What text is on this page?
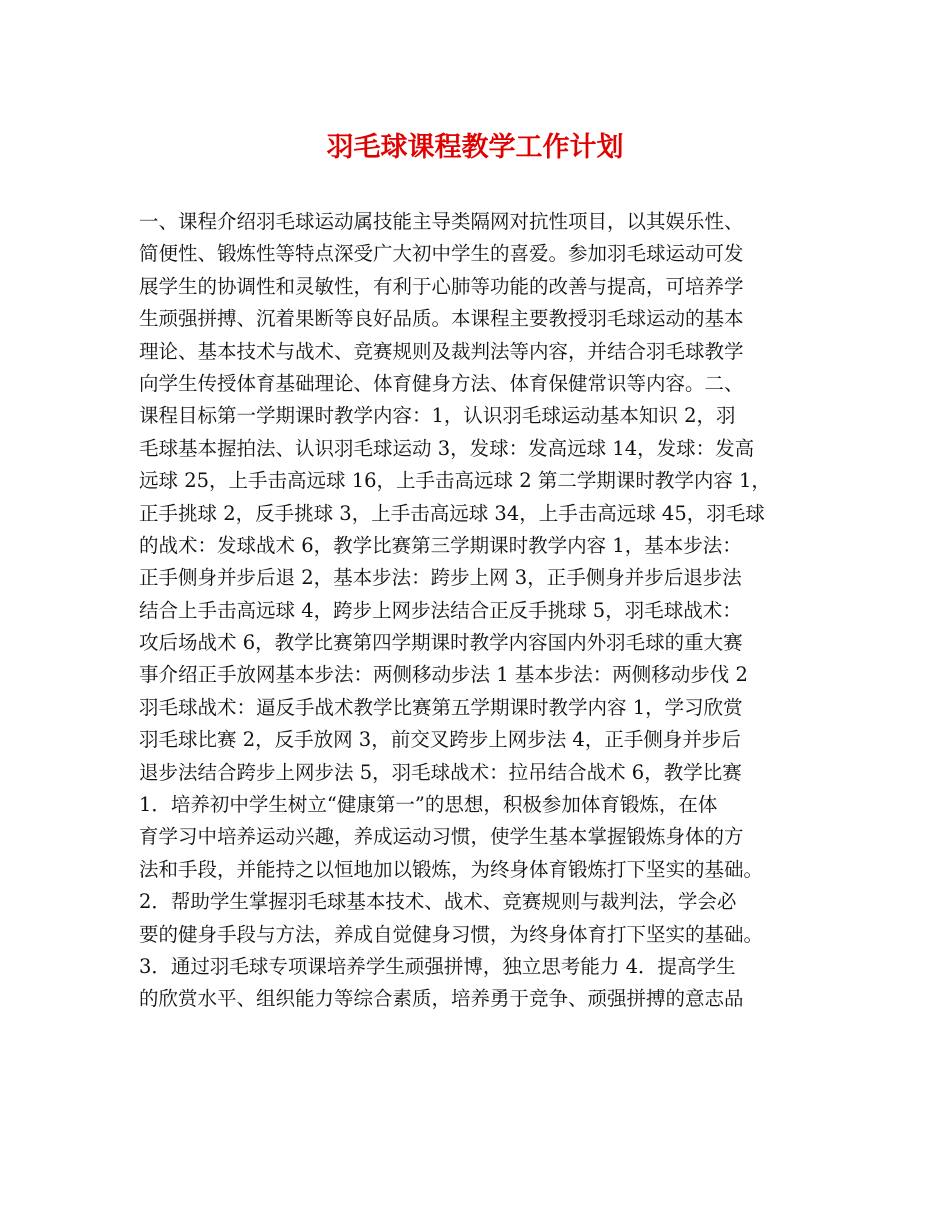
羽毛球课程教学工作计划
一、课程介绍羽毛球运动属技能主导类隔网对抗性项目，以其娱乐性、
简便性、锻炼性等特点深受广大初中学生的喜爱。参加羽毛球运动可发
展学生的协调性和灵敏性，有利于心肺等功能的改善与提高，可培养学
生顽强拼搏、沉着果断等良好品质。本课程主要教授羽毛球运动的基本
理论、基本技术与战术、竞赛规则及裁判法等内容，并结合羽毛球教学
向学生传授体育基础理论、体育健身方法、体育保健常识等内容。二、
课程目标第一学期课时教学内容：1，认识羽毛球运动基本知识 2，羽
毛球基本握拍法、认识羽毛球运动 3，发球：发高远球 14，发球：发高
远球 25，上手击高远球 16，上手击高远球 2 第二学期课时教学内容 1，
正手挑球 2，反手挑球 3，上手击高远球 34，上手击高远球 45，羽毛球
的战术：发球战术 6，教学比赛第三学期课时教学内容 1，基本步法：
正手侧身并步后退 2，基本步法：跨步上网 3，正手侧身并步后退步法
结合上手击高远球 4，跨步上网步法结合正反手挑球 5，羽毛球战术：
攻后场战术 6，教学比赛第四学期课时教学内容国内外羽毛球的重大赛
事介绍正手放网基本步法：两侧移动步法 1 基本步法：两侧移动步伐 2
羽毛球战术：逼反手战术教学比赛第五学期课时教学内容 1，学习欣赏
羽毛球比赛 2，反手放网 3，前交叉跨步上网步法 4，正手侧身并步后
退步法结合跨步上网步法 5，羽毛球战术：拉吊结合战术 6，教学比赛
1．培养初中学生树立“健康第一”的思想，积极参加体育锻炼，在体
育学习中培养运动兴趣，养成运动习惯，使学生基本掌握锻炼身体的方
法和手段，并能持之以恒地加以锻炼，为终身体育锻炼打下坚实的基础。
2．帮助学生掌握羽毛球基本技术、战术、竞赛规则与裁判法，学会必
要的健身手段与方法，养成自觉健身习惯，为终身体育打下坚实的基础。
3．通过羽毛球专项课培养学生顽强拼博，独立思考能力 4．提高学生
的欣赏水平、组织能力等综合素质，培养勇于竞争、顽强拼搏的意志品
